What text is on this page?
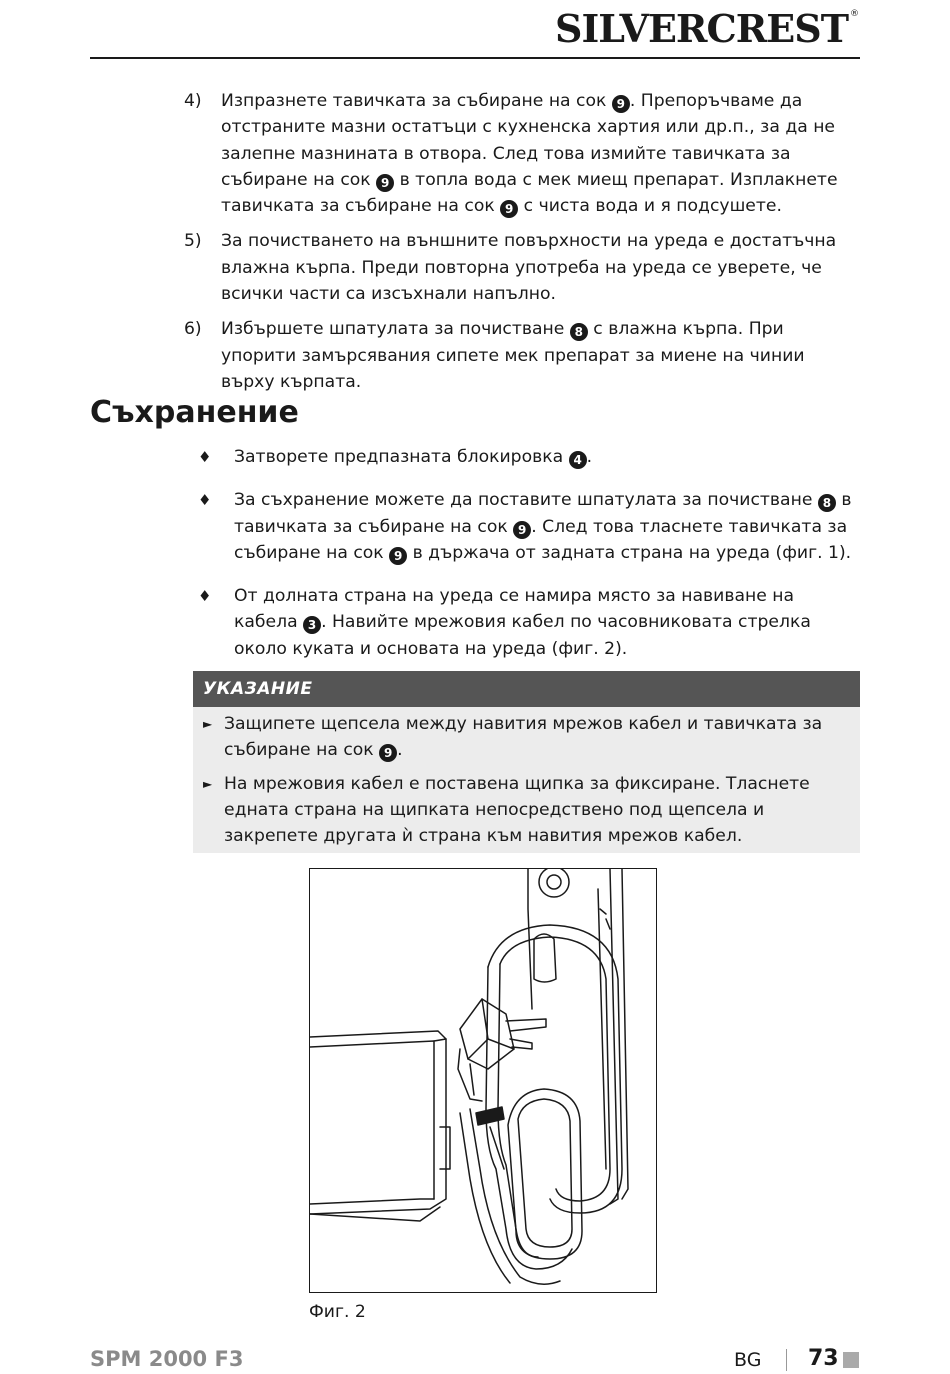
SILVERCREST ®
4)	Изпразнете тавичката за събиране на сок 9 . Препоръчваме да отстраните мазни остатъци с кухненска хартия или др.п., за да не залепне мазнината в отвора. След това измийте тавичката за събиране на сок 9 в топла вода с мек миещ препарат. Изплакнете тавичката за събиране на сок 9 с чиста вода и я подсушете.
5)	За почистването на външните повърхности на уреда е достатъчна влажна кърпа. Преди повторна употреба на уреда се уверете, че всички части са изсъхнали напълно.
6)	Избършете шпатулата за почистване 8 с влажна кърпа. При упорити замърсявания сипете мек препарат за миене на чинии върху кърпата.
Съхранение
♦	Затворете предпазната блокировка 4 .
♦	За съхранение можете да поставите шпатулата за почистване 8 в тавичката за събиране на сок 9 . След това тласнете тавичката за събиране на сок 9 в държача от задната страна на уреда (фиг. 1).
♦	От долната страна на уреда се намира място за навиване на кабела 3 . Навийте мрежовия кабел по часовниковата стрелка около куката и основата на уреда (фиг. 2).
УКАЗАНИЕ
► Защипете щепсела между навития мрежов кабел и тавичката за събиране на сок 9 .
► На мрежовия кабел е поставена щипка за фиксиране. Тласнете едната страна на щипката непосредствено под щепсела и закрепете другата ѝ страна към навития мрежов кабел.
Фиг. 2
SPM 2000 F3	BG 73
